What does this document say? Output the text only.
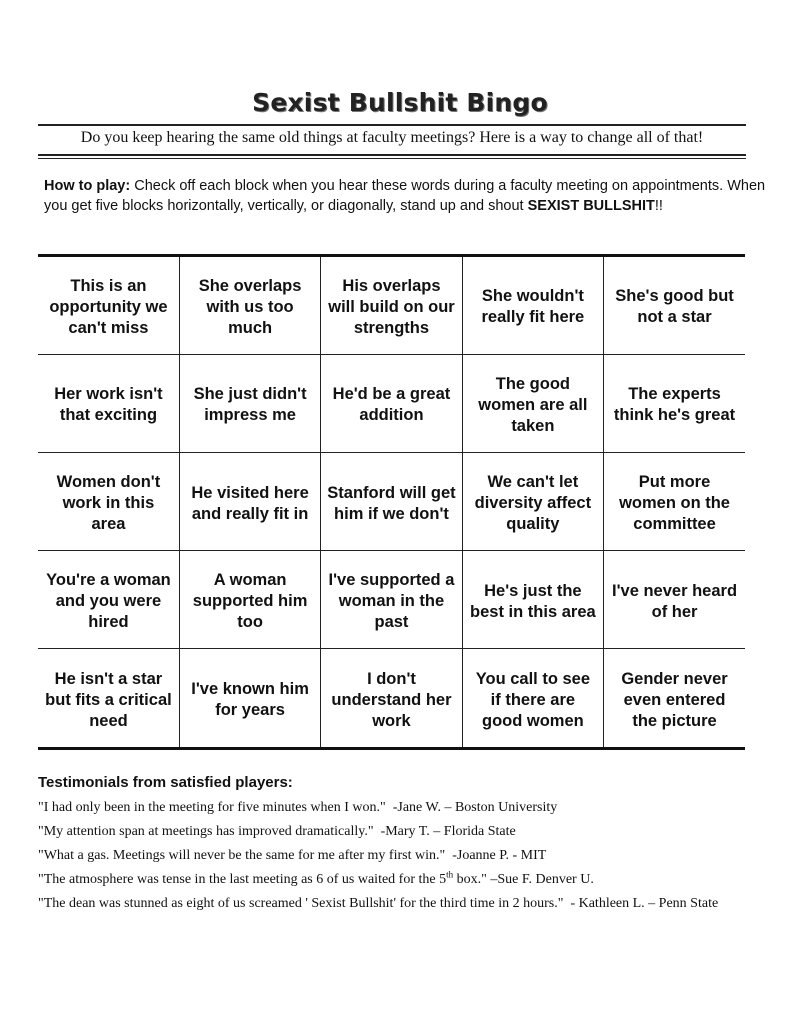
Sexist Bullshit Bingo
Do you keep hearing the same old things at faculty meetings? Here is a way to change all of that!
How to play: Check off each block when you hear these words during a faculty meeting on appointments. When you get five blocks horizontally, vertically, or diagonally, stand up and shout SEXIST BULLSHIT!!
This is an opportunity we can't miss	She overlaps with us too much	His overlaps will build on our strengths	She wouldn't really fit here	She's good but not a star
Her work isn't that exciting	She just didn't impress me	He'd be a great addition	The good women are all taken	The experts think he's great
Women don't work in this area	He visited here and really fit in	Stanford will get him if we don't	We can't let diversity affect quality	Put more women on the committee
You're a woman and you were hired	A woman supported him too	I've supported a woman in the past	He's just the best in this area	I've never heard of her
He isn't a star but fits a critical need	I've known him for years	I don't understand her work	You call to see if there are good women	Gender never even entered the picture
Testimonials from satisfied players:
"I had only been in the meeting for five minutes when I won." -Jane W. – Boston University
"My attention span at meetings has improved dramatically." -Mary T. – Florida State
"What a gas. Meetings will never be the same for me after my first win." -Joanne P. - MIT
"The atmosphere was tense in the last meeting as 6 of us waited for the 5th box." –Sue F. Denver U.
"The dean was stunned as eight of us screamed ' Sexist Bullshit' for the third time in 2 hours." - Kathleen L. – Penn State
